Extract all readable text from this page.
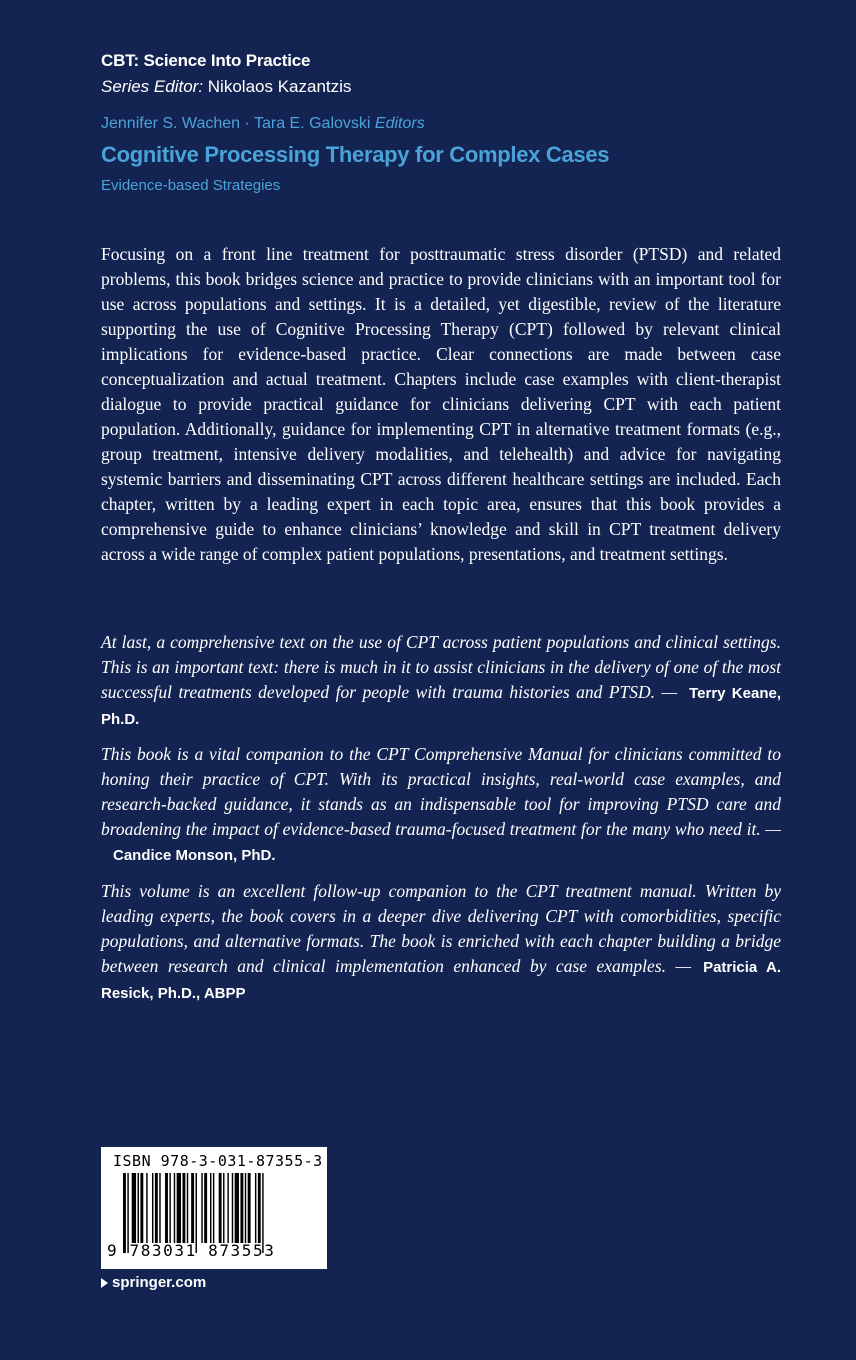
CBT: Science Into Practice
Series Editor: Nikolaos Kazantzis
Jennifer S. Wachen · Tara E. Galovski Editors
Cognitive Processing Therapy for Complex Cases
Evidence-based Strategies

Focusing on a front line treatment for posttraumatic stress disorder (PTSD) and related problems, this book bridges science and practice to provide clinicians with an important tool for use across populations and settings. It is a detailed, yet digestible, review of the literature supporting the use of Cognitive Processing Therapy (CPT) followed by relevant clinical implications for evidence-based practice. Clear connections are made between case conceptualization and actual treatment. Chapters include case examples with client-therapist dialogue to provide practical guidance for clinicians delivering CPT with each patient population. Additionally, guidance for implementing CPT in alternative treatment formats (e.g., group treatment, intensive delivery modalities, and telehealth) and advice for navigating systemic barriers and disseminating CPT across different healthcare settings are included. Each chapter, written by a leading expert in each topic area, ensures that this book provides a comprehensive guide to enhance clinicians’ knowledge and skill in CPT treatment delivery across a wide range of complex patient populations, presentations, and treatment settings.

At last, a comprehensive text on the use of CPT across patient populations and clinical settings. This is an important text: there is much in it to assist clinicians in the delivery of one of the most successful treatments developed for people with trauma histories and PTSD. — Terry Keane, Ph.D.

This book is a vital companion to the CPT Comprehensive Manual for clinicians committed to honing their practice of CPT. With its practical insights, real-world case examples, and research-backed guidance, it stands as an indispensable tool for improving PTSD care and broadening the impact of evidence-based trauma-focused treatment for the many who need it. —Candice Monson, PhD.

This volume is an excellent follow-up companion to the CPT treatment manual. Written by leading experts, the book covers in a deeper dive delivering CPT with comorbidities, specific populations, and alternative formats. The book is enriched with each chapter building a bridge between research and clinical implementation enhanced by case examples. — Patricia A. Resick, Ph.D., ABPP

ISBN 978-3-031-87355-3
9 783031 873553
springer.com
